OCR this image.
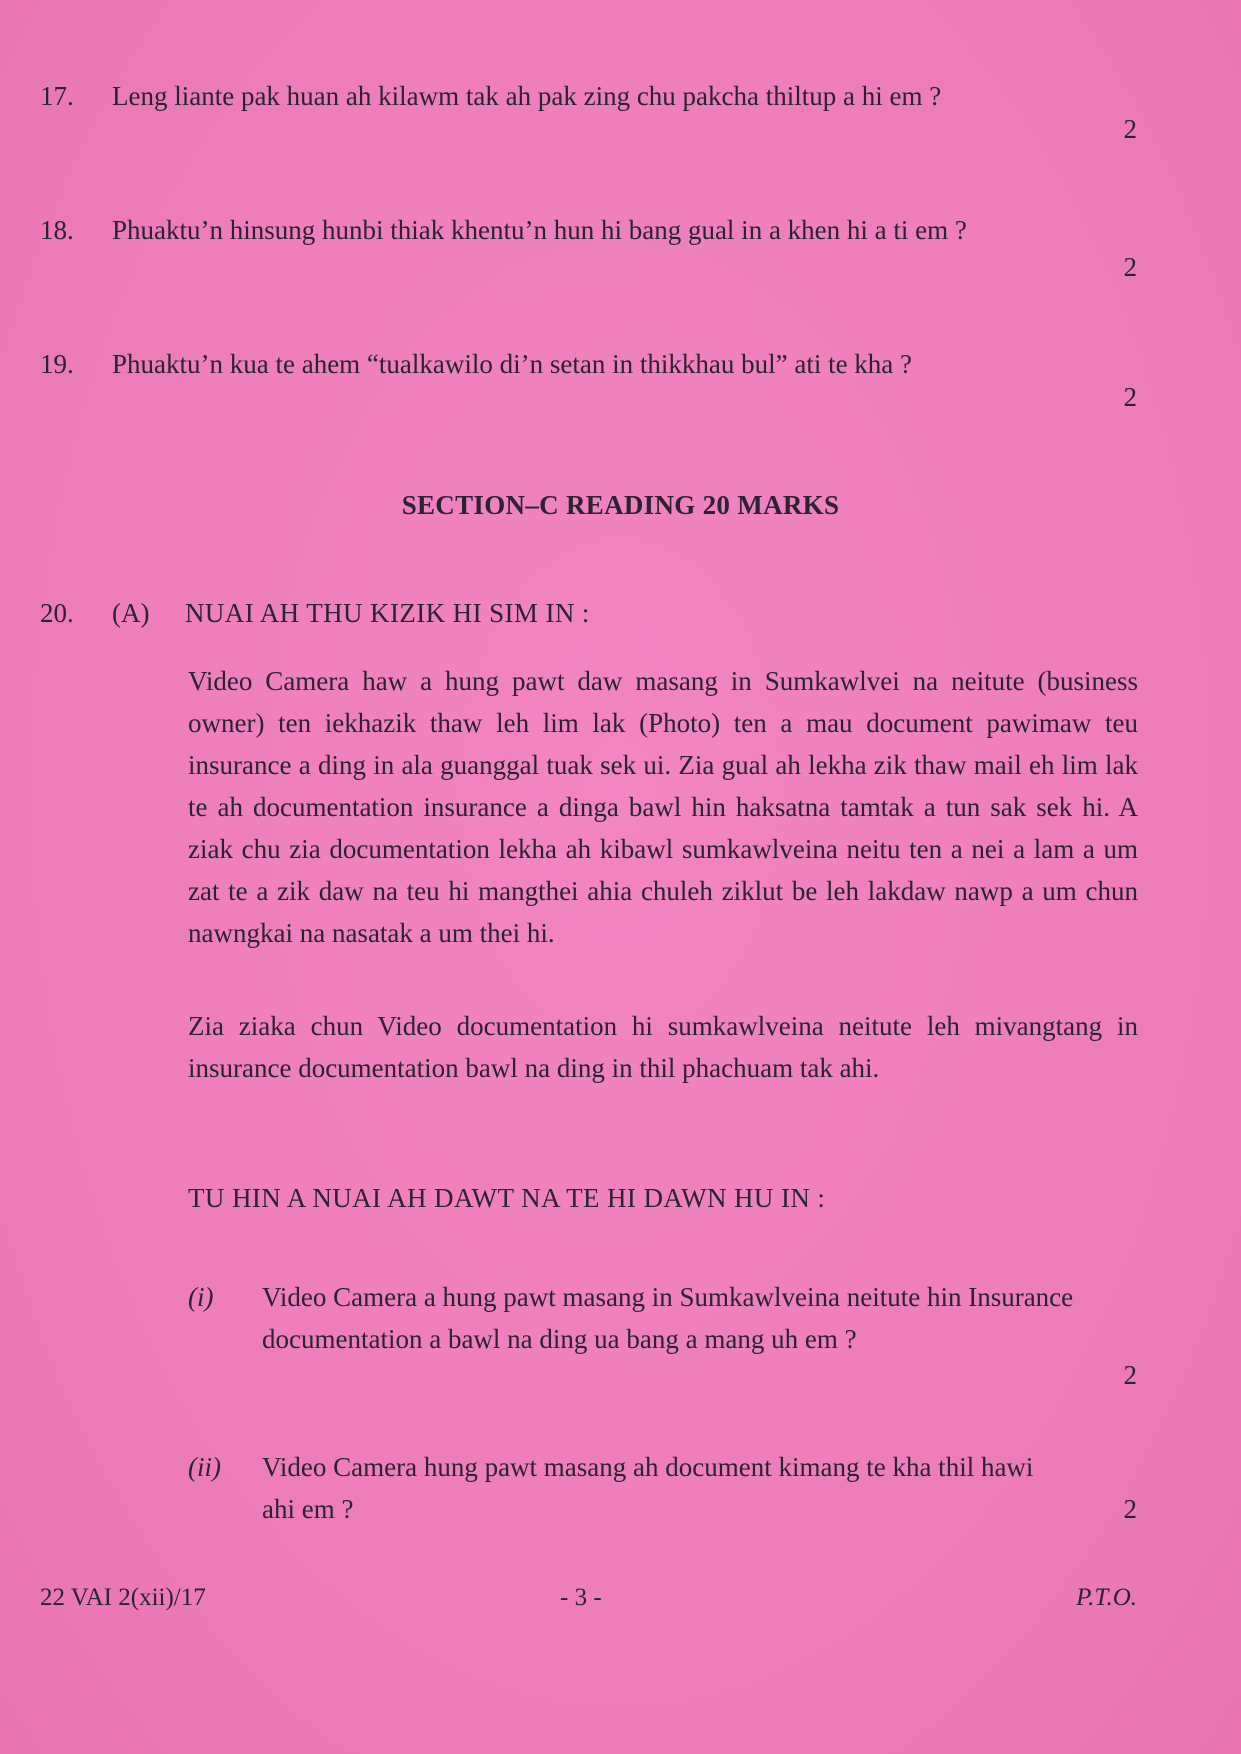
17. Leng liante pak huan ah kilawm tak ah pak zing chu pakcha thiltup a hi em ?
2
18. Phuaktu’n hinsung hunbi thiak khentu’n hun hi bang gual in a khen hi a ti em ?
2
19. Phuaktu’n kua te ahem “tualkawilo di’n setan in thikkhau bul” ati te kha ?
2
SECTION–C READING 20 MARKS
20. (A) NUAI AH THU KIZIK HI SIM IN :

Video Camera haw a hung pawt daw masang in Sumkawlvei na neitute (business owner) ten iekhazik thaw leh lim lak (Photo) ten a mau document pawimaw teu insurance a ding in ala guanggal tuak sek ui. Zia gual ah lekha zik thaw mail eh lim lak te ah documentation insurance a dinga bawl hin haksatna tamtak a tun sak sek hi. A ziak chu zia documentation lekha ah kibawl sumkawlveina neitu ten a nei a lam a um zat te a zik daw na teu hi mangthei ahia chuleh ziklut be leh lakdaw nawp a um chun nawngkai na nasatak a um thei hi.

Zia ziaka chun Video documentation hi sumkawlveina neitute leh mivangtang in insurance documentation bawl na ding in thil phachuam tak ahi.

TU HIN A NUAI AH DAWT NA TE HI DAWN HU IN :
(i) Video Camera a hung pawt masang in Sumkawlveina neitute hin Insurance documentation a bawl na ding ua bang a mang uh em ?
2
(ii) Video Camera hung pawt masang ah document kimang te kha thil hawi ahi em ?	2
22 VAI 2(xii)/17	- 3 -	P.T.O.
